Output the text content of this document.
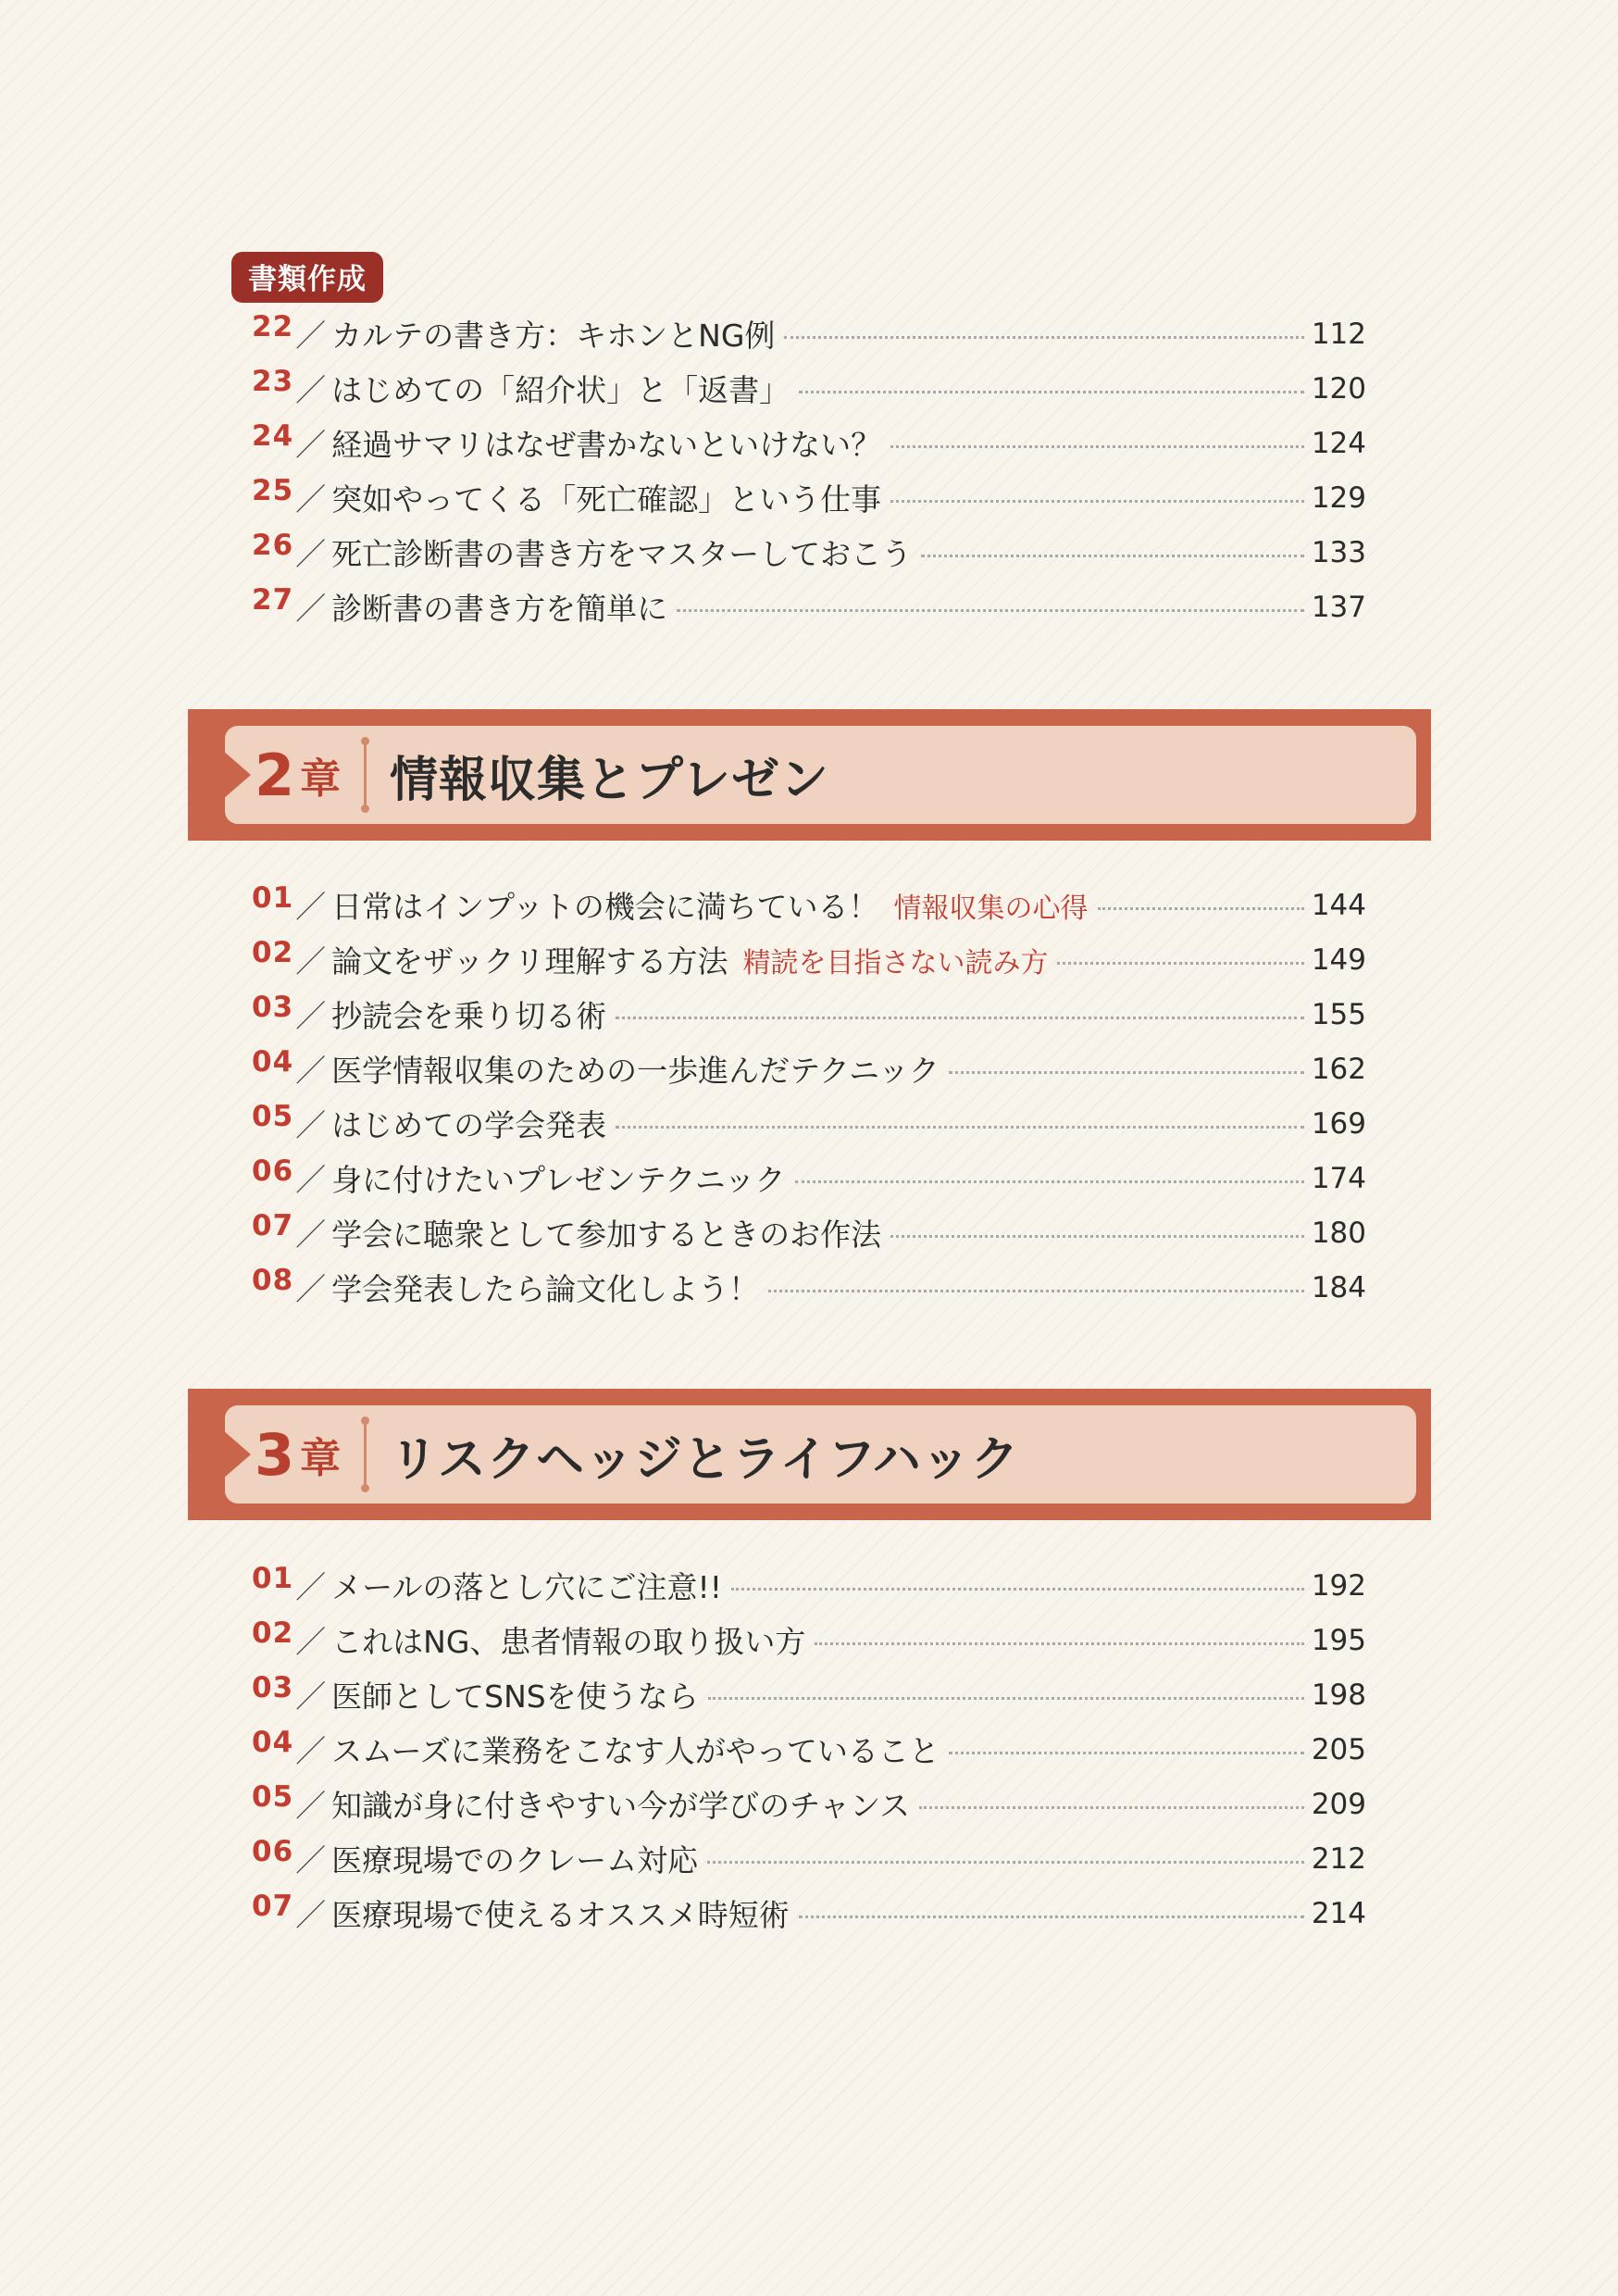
書類作成
22 ／ カルテの書き方：キホンとNG例	112
23 ／ はじめての「紹介状」と「返書」	120
24 ／ 経過サマリはなぜ書かないといけない？	124
25 ／ 突如やってくる「死亡確認」という仕事	129
26 ／ 死亡診断書の書き方をマスターしておこう	133
27 ／ 診断書の書き方を簡単に	137
2 章 情報収集とプレゼン
01 ／ 日常はインプットの機会に満ちている！ 情報収集の心得	144
02 ／ 論文をザックリ理解する方法 精読を目指さない読み方	149
03 ／ 抄読会を乗り切る術	155
04 ／ 医学情報収集のための一歩進んだテクニック	162
05 ／ はじめての学会発表	169
06 ／ 身に付けたいプレゼンテクニック	174
07 ／ 学会に聴衆として参加するときのお作法	180
08 ／ 学会発表したら論文化しよう！	184
3 章 リスクヘッジとライフハック
01 ／ メールの落とし穴にご注意!!	192
02 ／ これはNG、患者情報の取り扱い方	195
03 ／ 医師としてSNSを使うなら	198
04 ／ スムーズに業務をこなす人がやっていること	205
05 ／ 知識が身に付きやすい今が学びのチャンス	209
06 ／ 医療現場でのクレーム対応	212
07 ／ 医療現場で使えるオススメ時短術	214
